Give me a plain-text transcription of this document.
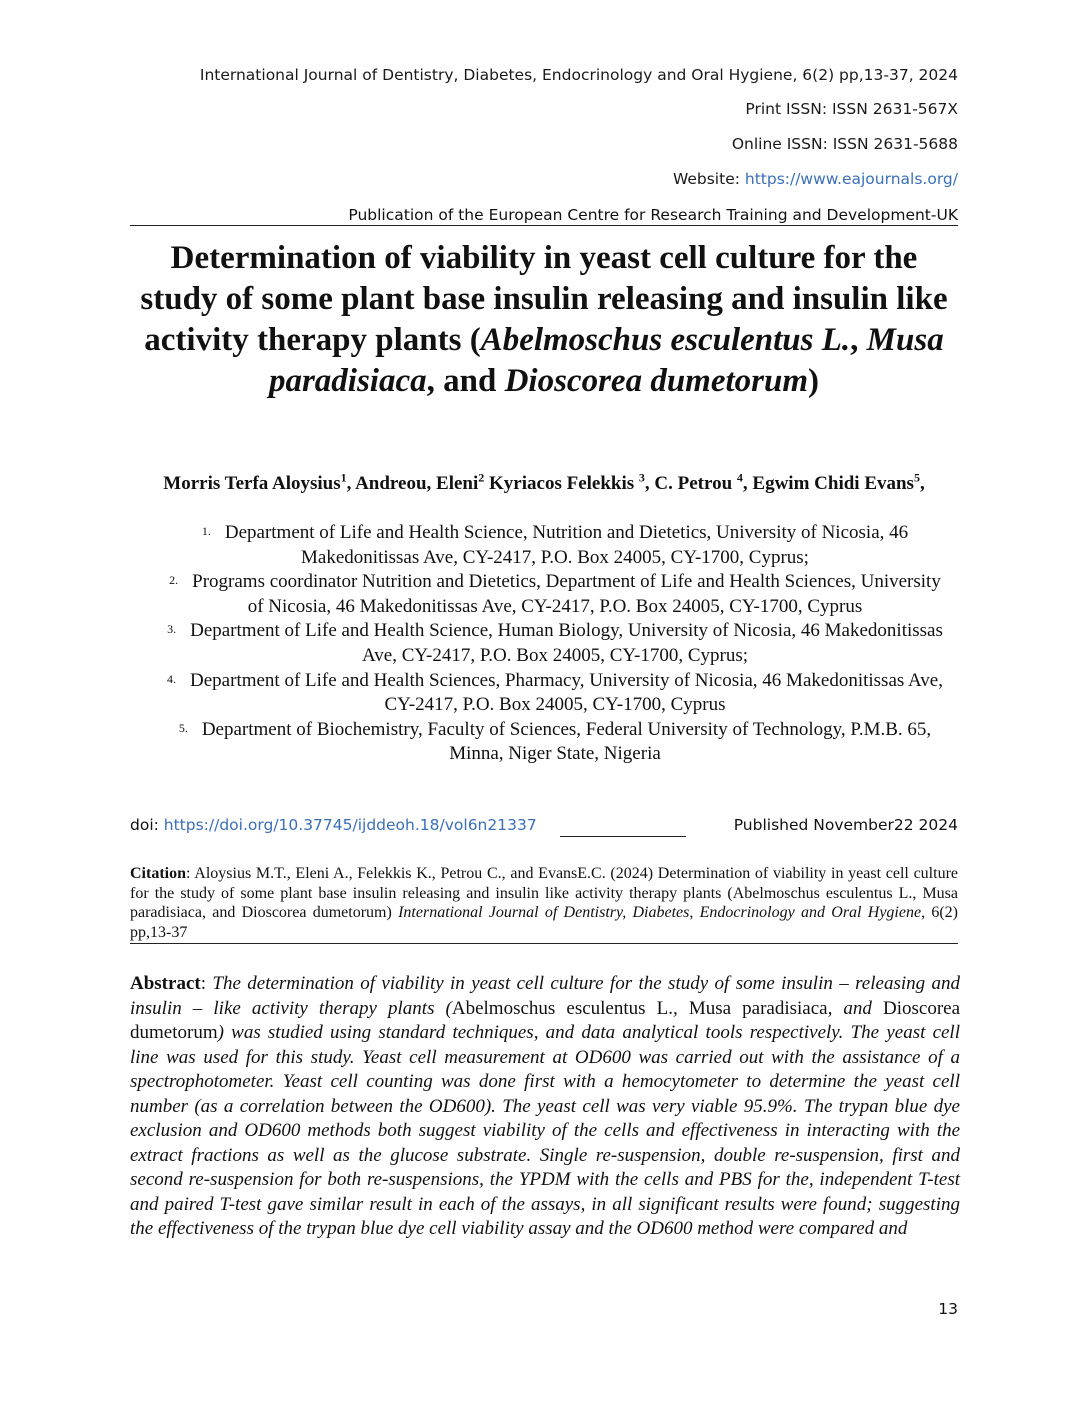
International Journal of Dentistry, Diabetes, Endocrinology and Oral Hygiene, 6(2) pp,13-37, 2024
Print ISSN: ISSN 2631-567X
Online ISSN: ISSN 2631-5688
Website: https://www.eajournals.org/
Publication of the European Centre for Research Training and Development-UK
Determination of viability in yeast cell culture for the study of some plant base insulin releasing and insulin like activity therapy plants (Abelmoschus esculentus L., Musa paradisiaca, and Dioscorea dumetorum)
Morris Terfa Aloysius$^1$, Andreou, Eleni$^2$ Kyriacos Felekkis $^3$, C. Petrou $^4$, Egwim Chidi Evans$^5$,
$^{1.}$ Department of Life and Health Science, Nutrition and Dietetics, University of Nicosia, 46 Makedonitissas Ave, CY-2417, P.O. Box 24005, CY-1700, Cyprus;
$^{2.}$ Programs coordinator Nutrition and Dietetics, Department of Life and Health Sciences, University of Nicosia, 46 Makedonitissas Ave, CY-2417, P.O. Box 24005, CY-1700, Cyprus
$^{3.}$ Department of Life and Health Science, Human Biology, University of Nicosia, 46 Makedonitissas Ave, CY-2417, P.O. Box 24005, CY-1700, Cyprus;
$^{4.}$ Department of Life and Health Sciences, Pharmacy, University of Nicosia, 46 Makedonitissas Ave, CY-2417, P.O. Box 24005, CY-1700, Cyprus
$^{5.}$ Department of Biochemistry, Faculty of Sciences, Federal University of Technology, P.M.B. 65, Minna, Niger State, Nigeria
doi: https://doi.org/10.37745/ijddeoh.18/vol6n21337	Published November22 2024
Citation: Aloysius M.T., Eleni A., Felekkis K., Petrou C., and EvansE.C. (2024) Determination of viability in yeast cell culture for the study of some plant base insulin releasing and insulin like activity therapy plants (Abelmoschus esculentus L., Musa paradisiaca, and Dioscorea dumetorum) International Journal of Dentistry, Diabetes, Endocrinology and Oral Hygiene, 6(2) pp,13-37
Abstract: The determination of viability in yeast cell culture for the study of some insulin – releasing and insulin – like activity therapy plants (Abelmoschus esculentus L., Musa paradisiaca, and Dioscorea dumetorum) was studied using standard techniques, and data analytical tools respectively. The yeast cell line was used for this study. Yeast cell measurement at OD600 was carried out with the assistance of a spectrophotometer. Yeast cell counting was done first with a hemocytometer to determine the yeast cell number (as a correlation between the OD600). The yeast cell was very viable 95.9%. The trypan blue dye exclusion and OD600 methods both suggest viability of the cells and effectiveness in interacting with the extract fractions as well as the glucose substrate. Single re-suspension, double re-suspension, first and second re-suspension for both re-suspensions, the YPDM with the cells and PBS for the, independent T-test and paired T-test gave similar result in each of the assays, in all significant results were found; suggesting the effectiveness of the trypan blue dye cell viability assay and the OD600 method were compared and
13
